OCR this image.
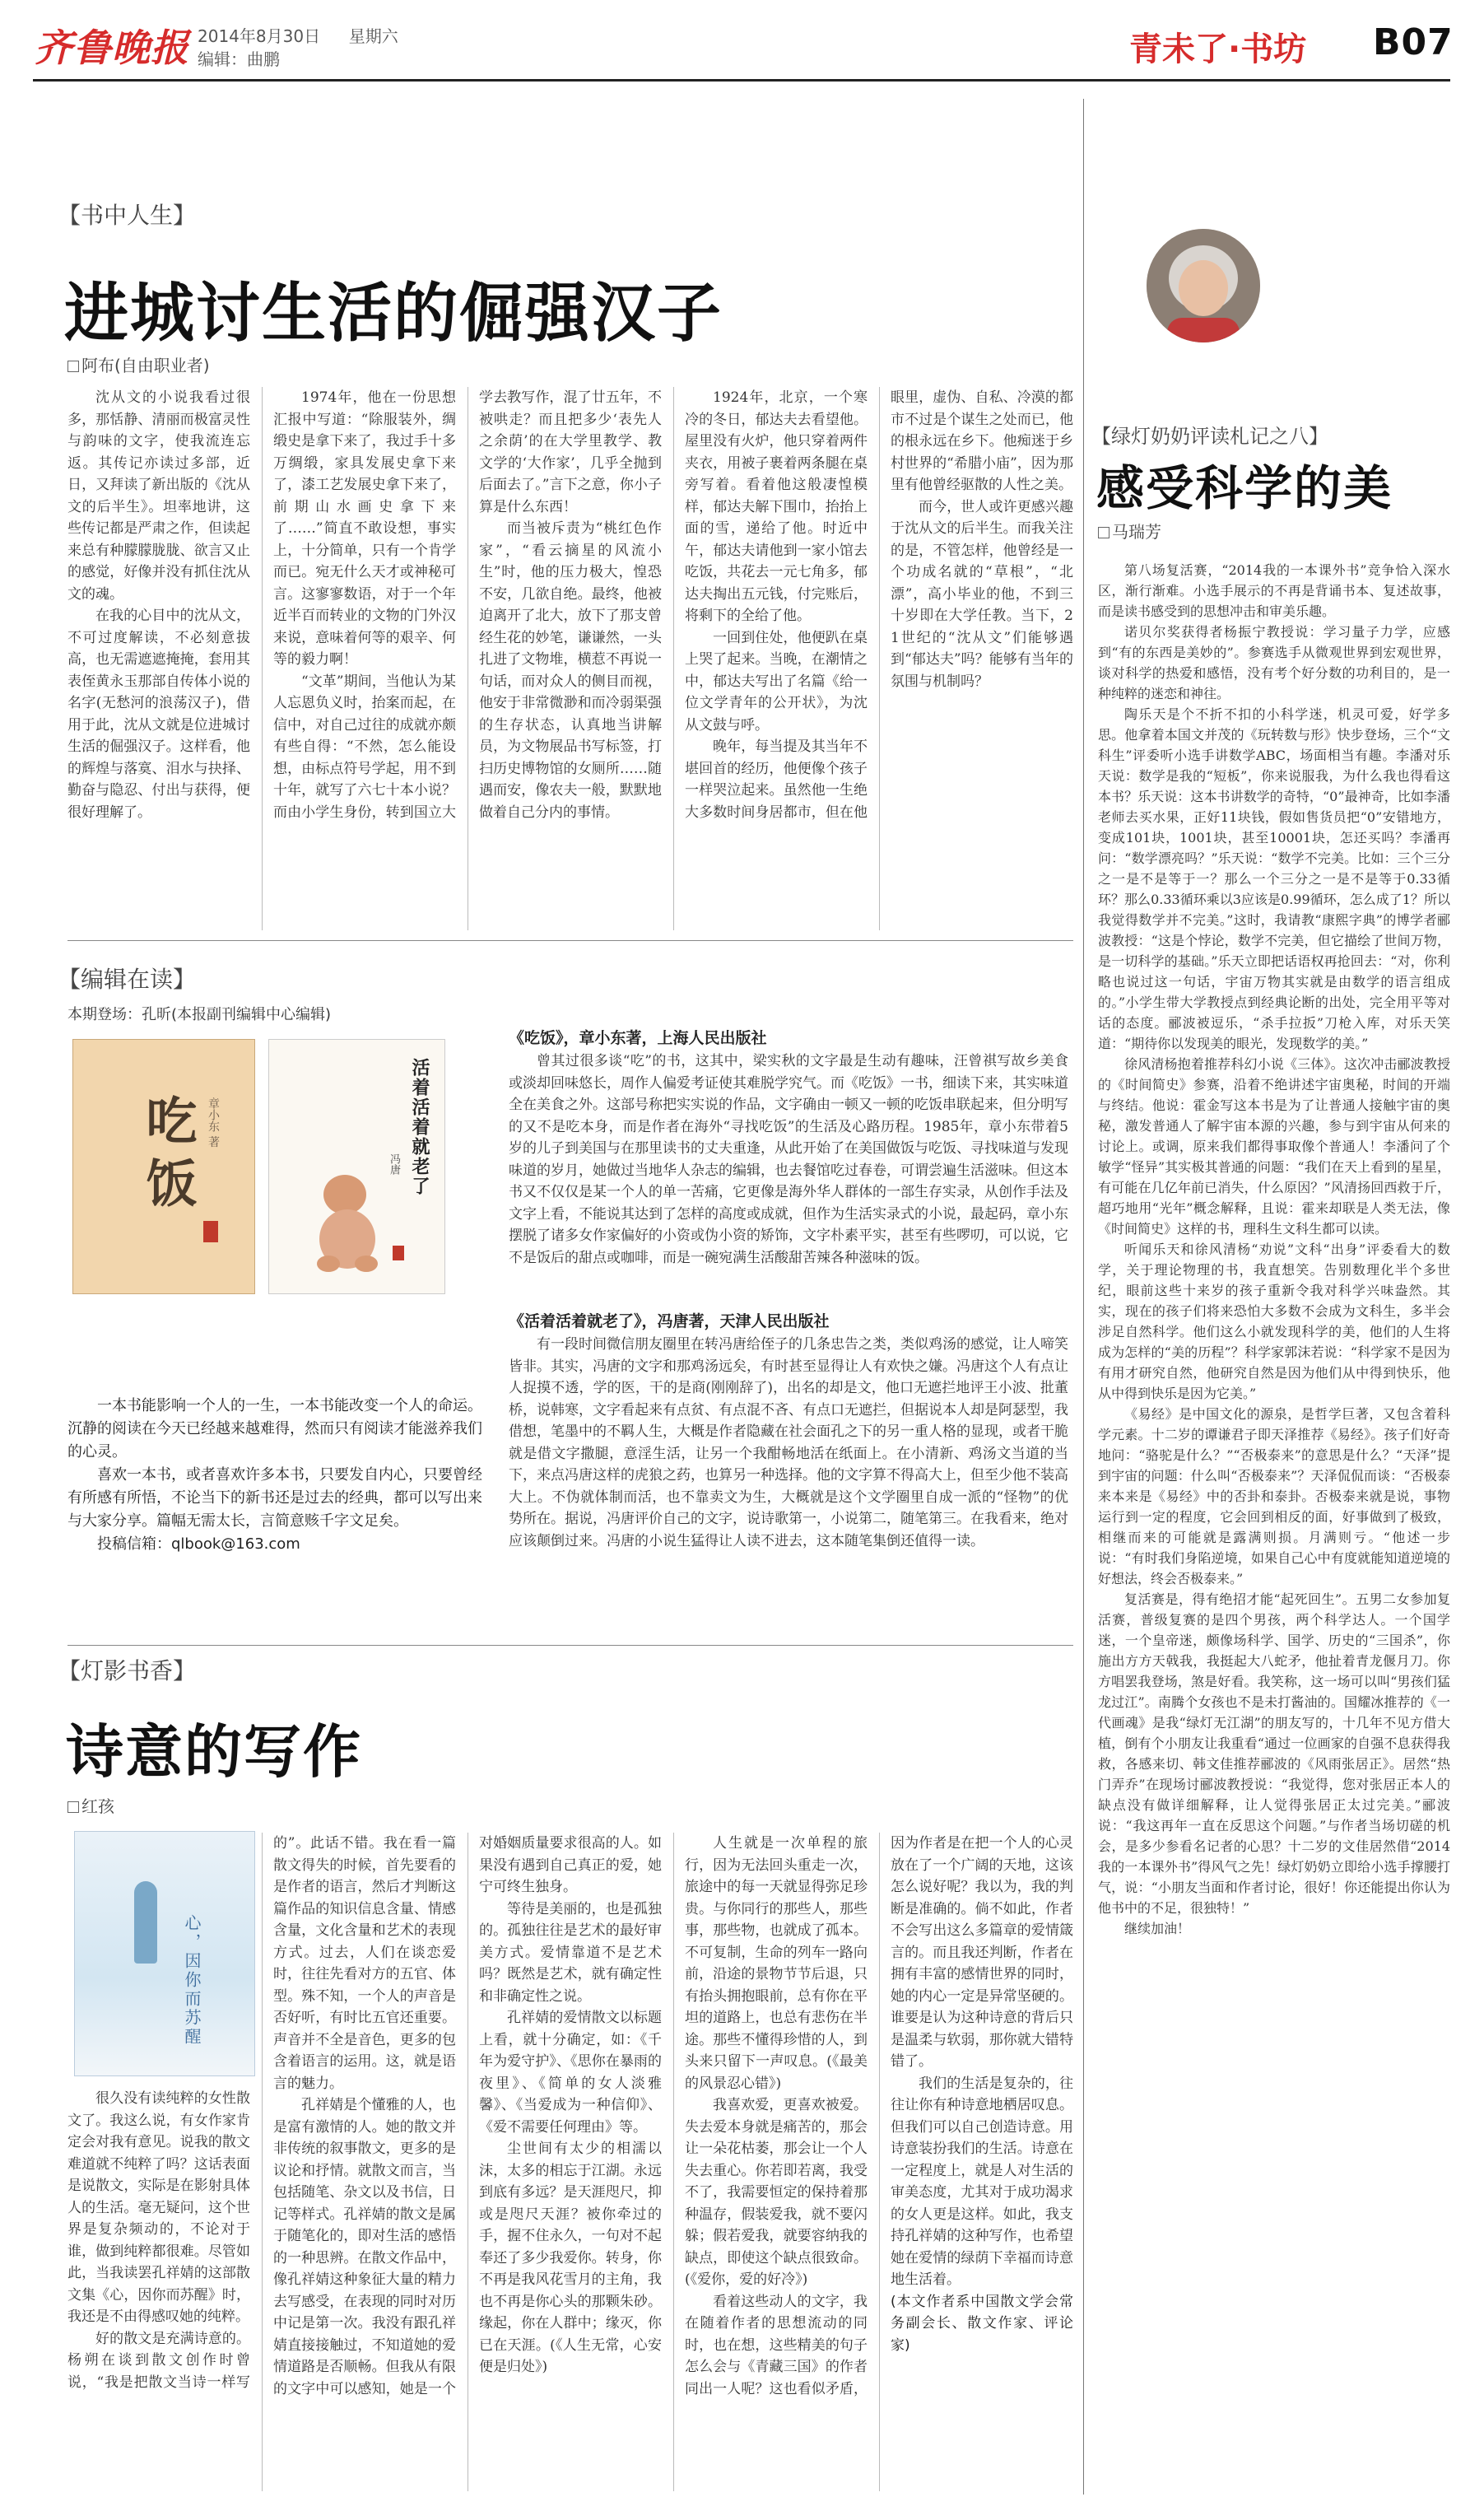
齐鲁晚报 2014年8月30日 星期六
编辑：曲鹏	青未了·书坊 B07
【书中人生】
进城讨生活的倔强汉子
阿布(自由职业者)

沈从文的小说我看过很多，那恬静、清丽而极富灵性与韵味的文字，使我流连忘返。其传记亦读过多部，近日，又拜读了新出版的《沈从文的后半生》。坦率地讲，这些传记都是严肃之作，但读起来总有种朦朦胧胧、欲言又止的感觉，好像并没有抓住沈从文的魂。

在我的心目中的沈从文，不可过度解读，不必刻意拔高，也无需遮遮掩掩，套用其表侄黄永玉那部自传体小说的名字(无愁河的浪荡汉子)，借用于此，沈从文就是位进城讨生活的倔强汉子。这样看，他的辉煌与落寞、泪水与抉择、勤奋与隐忍、付出与获得，便很好理解了。

1974年，他在一份思想汇报中写道：“除服装外，绸缎史是拿下来了，我过手十多万绸缎，家具发展史拿下来了，漆工艺发展史拿下来了，前期山水画史拿下来了……”简直不敢设想，事实上，十分简单，只有一个肯学而已。宛无什么天才或神秘可言。这寥寥数语，对于一个年近半百而转业的文物的门外汉来说，意味着何等的艰辛、何等的毅力啊！

“文革”期间，当他认为某人忘恩负义时，抬案而起，在信中，对自己过往的成就亦颇有些自得：“不然，怎么能设想，由标点符号学起，用不到十年，就写了六七十本小说？而由小学生身份，转到国立大学去教写作，混了廿五年，不被哄走？而且把多少‘表先人之余荫’的在大学里教学、教文学的‘大作家’，几乎全抛到后面去了。”言下之意，你小子算是什么东西！

而当被斥责为“桃红色作家”，“看云摘星的风流小生”时，他的压力极大，惶恐不安，几欲自绝。最终，他被迫离开了北大，放下了那支曾经生花的妙笔，谦谦然，一头扎进了文物堆，横惹不再说一句话，而对众人的侧目而视，他安于非常微渺和而冷弱渠强的生存状态，认真地当讲解员，为文物展品书写标签，打扫历史博物馆的女厕所……随遇而安，像农夫一般，默默地做着自己分内的事情。

1924年，北京，一个寒冷的冬日，郁达夫去看望他。屋里没有火炉，他只穿着两件夹衣，用被子裹着两条腿在桌旁写着。看着他这般凄惶模样，郁达夫解下围巾，抬抬上面的雪，递给了他。时近中午，郁达夫请他到一家小馆去吃饭，共花去一元七角多，郁达夫掏出五元钱，付完账后，将剩下的全给了他。

一回到住处，他便趴在桌上哭了起来。当晚，在潮情之中，郁达夫写出了名篇《给一位文学青年的公开状》，为沈从文鼓与呼。

晚年，每当提及其当年不堪回首的经历，他便像个孩子一样哭泣起来。虽然他一生绝大多数时间身居都市，但在他眼里，虚伪、自私、冷漠的都市不过是个谋生之处而已，他的根永远在乡下。他痴迷于乡村世界的“希腊小庙”，因为那里有他曾经驱散的人性之美。

而今，世人或许更感兴趣于沈从文的后半生。而我关注的是，不管怎样，他曾经是一个功成名就的“草根”，“北漂”，高小毕业的他，不到三十岁即在大学任教。当下，21世纪的“沈从文”们能够遇到“郁达夫”吗？能够有当年的氛围与机制吗？

【编辑在读】
本期登场：孔昕(本报副刊编辑中心编辑)
吃饭 章小东 著	活着活着就老了
冯唐
《吃饭》，章小东著，上海人民出版社

曾其过很多谈“吃”的书，这其中，梁实秋的文字最是生动有趣味，汪曾祺写故乡美食或淡却回味悠长，周作人偏爱考证使其难脱学究气。而《吃饭》一书，细读下来，其实味道全在美食之外。这部号称把实实说的作品，文字确由一顿又一顿的吃饭串联起来，但分明写的又不是吃本身，而是作者在海外“寻找吃饭”的生活及心路历程。1985年，章小东带着5岁的儿子到美国与在那里读书的丈夫重逢，从此开始了在美国做饭与吃饭、寻找味道与发现味道的岁月，她做过当地华人杂志的编辑，也去餐馆吃过春卷，可谓尝遍生活滋味。但这本书又不仅仅是某一个人的单一苦痛，它更像是海外华人群体的一部生存实录，从创作手法及文字上看，不能说其达到了怎样的高度或成就，但作为生活实录式的小说，最起码，章小东摆脱了诸多女作家偏好的小资或伪小资的矫饰，文字朴素平实，甚至有些啰叨，可以说，它不是饭后的甜点或咖啡，而是一碗宛满生活酸甜苦辣各种滋味的饭。

《活着活着就老了》，冯唐著，天津人民出版社

有一段时间微信朋友圈里在转冯唐给侄子的几条忠告之类，类似鸡汤的感觉，让人啼笑皆非。其实，冯唐的文字和那鸡汤远矣，有时甚至显得让人有欢快之嫌。冯唐这个人有点让人捉摸不透，学的医，干的是商(刚刚辞了)，出名的却是文，他口无遮拦地评王小波、批董桥，说韩寒，文字看起来有点贫、有点混不吝、有点口无遮拦，但据说本人却是阿瑟型，我借想，笔墨中的不羁人生，大概是作者隐藏在社会面孔之下的另一重人格的显现，或者干脆就是借文字撒腿，意淫生活，让另一个我酣畅地活在纸面上。在小清新、鸡汤文当道的当下，来点冯唐这样的虎狼之药，也算另一种选择。他的文字算不得高大上，但至少他不装高大上。不伪就体制而活，也不靠卖文为生，大概就是这个文学圈里自成一派的“怪物”的优势所在。据说，冯唐评价自己的文字，说诗歌第一，小说第二，随笔第三。在我看来，绝对应该颠倒过来。冯唐的小说生猛得让人读不进去，这本随笔集倒还值得一读。

一本书能影响一个人的一生，一本书能改变一个人的命运。沉静的阅读在今天已经越来越难得，然而只有阅读才能滋养我们的心灵。

喜欢一本书，或者喜欢许多本书，只要发自内心，只要曾经有所感有所悟，不论当下的新书还是过去的经典，都可以写出来与大家分享。篇幅无需太长，言简意赅千字文足矣。

投稿信箱：qlbook@163.com

【灯影书香】
诗意的写作
红孩
心，因你而苏醒

很久没有读纯粹的女性散文了。我这么说，有女作家肯定会对我有意见。说我的散文难道就不纯粹了吗？这话表面是说散文，实际是在影射具体人的生活。毫无疑问，这个世界是复杂频动的，不论对于谁，做到纯粹都很难。尽管如此，当我读罢孔祥婧的这部散文集《心，因你而苏醒》时，我还是不由得感叹她的纯粹。

好的散文是充满诗意的。杨朔在谈到散文创作时曾说，“我是把散文当诗一样写的”。此话不错。我在看一篇散文得失的时候，首先要看的是作者的语言，然后才判断这篇作品的知识信息含量、情感含量，文化含量和艺术的表现方式。过去，人们在谈恋爱时，往往先看对方的五官、体型。殊不知，一个人的声音是否好听，有时比五官还重要。声音并不全是音色，更多的包含着语言的运用。这，就是语言的魅力。

孔祥婧是个懂雅的人，也是富有激情的人。她的散文并非传统的叙事散文，更多的是议论和抒情。就散文而言，当包括随笔、杂文以及书信，日记等样式。孔祥婧的散文是属于随笔化的，即对生活的感悟的一种思辨。在散文作品中，像孔祥婧这种象征大量的精力去写感受，在表现的同时对历中记是第一次。我没有跟孔祥婧直接接触过，不知道她的爱情道路是否顺畅。但我从有限的文字中可以感知，她是一个对婚姻质量要求很高的人。如果没有遇到自己真正的爱，她宁可终生独身。

等待是美丽的，也是孤独的。孤独往往是艺术的最好审美方式。爱情靠道不是艺术吗？既然是艺术，就有确定性和非确定性之说。

孔祥婧的爱情散文以标题上看，就十分确定，如：《千年为爱守护》、《思你在暴雨的夜里》、《简单的女人淡雅馨》、《当爱成为一种信仰》、《爱不需要任何理由》等。

尘世间有太少的相濡以沫，太多的相忘于江湖。永远到底有多远？是天涯咫尺，抑或是咫尺天涯？被你牵过的手，握不住永久，一句对不起奉还了多少我爱你。转身，你不再是我风花雪月的主角，我也不再是你心头的那颗朱砂。缘起，你在人群中；缘灭，你已在天涯。(《人生无常，心安便是归处》)

人生就是一次单程的旅行，因为无法回头重走一次，旅途中的每一天就显得弥足珍贵。与你同行的那些人，那些事，那些物，也就成了孤本。不可复制，生命的列车一路向前，沿途的景物节节后退，只有抬头拥抱眼前，总有你在平坦的道路上，也总有悲伤在半途。那些不懂得珍惜的人，到头来只留下一声叹息。(《最美的风景忍心错》)

我喜欢爱，更喜欢被爱。失去爱本身就是痛苦的，那会让一朵花枯萎，那会让一个人失去重心。你若即若离，我受不了，我需要恒定的保持着那种温存，假装爱我，就不要闪躲；假若爱我，就要容纳我的缺点，即使这个缺点很致命。(《爱你，爱的好冷》)

看着这些动人的文字，我在随着作者的思想流动的同时，也在想，这些精美的句子怎么会与《青藏三国》的作者同出一人呢？这也看似矛盾，因为作者是在把一个人的心灵放在了一个广阔的天地，这该怎么说好呢？我以为，我的判断是准确的。倘不如此，作者不会写出这么多篇章的爱情箴言的。而且我还判断，作者在拥有丰富的感情世界的同时，她的内心一定是异常坚硬的。谁要是认为这种诗意的背后只是温柔与软弱，那你就大错特错了。

我们的生活是复杂的，往往让你有种诗意地栖居叹息。但我们可以自己创造诗意。用诗意装扮我们的生活。诗意在一定程度上，就是人对生活的审美态度，尤其对于成功渴求的女人更是这样。如此，我支持孔祥婧的这种写作，也希望她在爱情的绿荫下幸福而诗意地生活着。

(本文作者系中国散文学会常务副会长、散文作家、评论家)

【绿灯奶奶评读札记之八】
感受科学的美
马瑞芳

第八场复活赛，“2014我的一本课外书”竞争恰入深水区，渐行渐难。小选手展示的不再是背诵书本、复述故事，而是读书感受到的思想冲击和审美乐趣。

诺贝尔奖获得者杨振宁教授说：学习量子力学，应感到“有的东西是美妙的”。参赛选手从微观世界到宏观世界，谈对科学的热爱和感悟，没有考个好分数的功利目的，是一种纯粹的迷恋和神往。

陶乐天是个不折不扣的小科学迷，机灵可爱，好学多思。他拿着本国文并茂的《玩转数与形》快步登场，三个“文科生”评委听小选手讲数学ABC，场面相当有趣。李潘对乐天说：数学是我的“短板”，你来说服我，为什么我也得看这本书？乐天说：这本书讲数学的奇特，“0”最神奇，比如李潘老师去买水果，正好11块钱，假如售货员把“0”安错地方，变成101块，1001块，甚至10001块，怎还买吗？李潘再问：“数学漂亮吗？”乐天说：“数学不完美。比如：三个三分之一是不是等于一？那么一个三分之一是不是等于0.33循环？那么0.33循环乘以3应该是0.99循环，怎么成了1？所以我觉得数学并不完美。”这时，我请教“康熙字典”的博学者郦波教授：“这是个悖论，数学不完美，但它描绘了世间万物，是一切科学的基础。”乐天立即把话语权再抢回去：“对，你利略也说过这一句话，宇宙万物其实就是由数学的语言组成的。”小学生带大学教授点到经典论断的出处，完全用平等对话的态度。郦波被逗乐，“杀手拉扳”刀枪入库，对乐天笑道：“期待你以发现美的眼光，发现数学的美。”

徐风清杨抱着推荐科幻小说《三体》。这次冲击郦波教授的《时间简史》参赛，沿着不绝讲述宇宙奥秘，时间的开端与终结。他说：霍金写这本书是为了让普通人接触宇宙的奥秘，激发普通人了解宇宙本源的兴趣，参与到宇宙从何来的讨论上。或调，原来我们都得事取像个普通人！李潘问了个敏学“怪异”其实极其普通的问题：“我们在天上看到的星星，有可能在几亿年前已消失，什么原因？”风清扬回西救于斤，超巧地用“光年”概念解释，且说：霍来却联是人类无法，像《时间简史》这样的书，理科生文科生都可以读。

听闻乐天和徐风清杨“劝说”文科“出身”评委看大的数学，关于理论物理的书，我直想笑。告别数理化半个多世纪，眼前这些十来岁的孩子重新令我对科学兴味盎然。其实，现在的孩子们将来恐怕大多数不会成为文科生，多半会涉足自然科学。他们这么小就发现科学的美，他们的人生将成为怎样的“美的历程”？科学家郭沫若说：“科学家不是因为有用才研究自然，他研究自然是因为他们从中得到快乐，他从中得到快乐是因为它美。”

《易经》是中国文化的源泉，是哲学巨著，又包含着科学元素。十二岁的谭谦君子即天泽推荐《易经》。孩子们好奇地问：“骆驼是什么？”“否极泰来”的意思是什么？“天泽”提到宇宙的问题：什么叫“否极泰来”？天泽侃侃而谈：“否极泰来本来是《易经》中的否卦和泰卦。否极泰来就是说，事物运行到一定的程度，它会回到相反的面，好事做到了极致，相继而来的可能就是露满则损。月满则亏。“他述一步说：“有时我们身陷逆境，如果自己心中有度就能知道逆境的好想法，终会否极泰来。”

复活赛是，得有绝招才能“起死回生”。五男二女参加复活赛，普级复赛的是四个男孩，两个科学达人。一个国学迷，一个皇帝迷，颇像场科学、国学、历史的“三国杀”，你施出方方天戟我，我挺起大八蛇矛，他扯着青龙偃月刀。你方唱罢我登场，煞是好看。我笑称，这一场可以叫“男孩们猛龙过江”。南腾个女孩也不是未打酱油的。国耀冰推荐的《一代画魂》是我“绿灯无江湖”的朋友写的，十几年不见方借大植，倒有个小朋友让我重看“通过一位画家的自强不息获得我救，各感来切、韩文佳推荐郦波的《风雨张居正》。居然“热门弄乔”在现场讨郦波教授说：“我觉得，您对张居正本人的缺点没有做详细解释，让人觉得张居正太过完美。”郦波说：“我这再年一直在反思这个问题。”与作者当场切磋的机会，是多少参看名记者的心思？十二岁的文佳居然借“2014我的一本课外书”得风气之先！绿灯奶奶立即给小选手撑腰打气，说：“小朋友当面和作者讨论，很好！你还能提出你认为他书中的不足，很独特！”

继续加油！
